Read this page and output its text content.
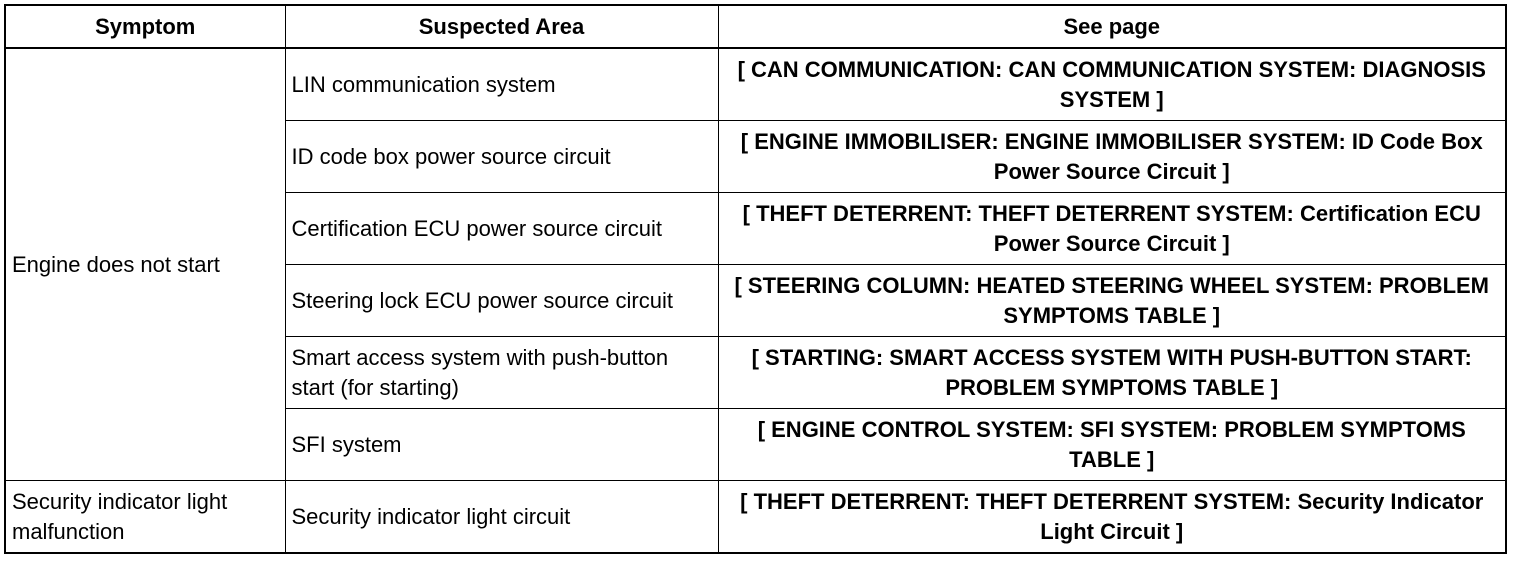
Symptom	Suspected Area	See page
Engine does not start	LIN communication system	[ CAN COMMUNICATION: CAN COMMUNICATION SYSTEM: DIAGNOSIS SYSTEM ]
	ID code box power source circuit	[ ENGINE IMMOBILISER: ENGINE IMMOBILISER SYSTEM: ID Code Box Power Source Circuit ]
	Certification ECU power source circuit	[ THEFT DETERRENT: THEFT DETERRENT SYSTEM: Certification ECU Power Source Circuit ]
	Steering lock ECU power source circuit	[ STEERING COLUMN: HEATED STEERING WHEEL SYSTEM: PROBLEM SYMPTOMS TABLE ]
	Smart access system with push-button start (for starting)	[ STARTING: SMART ACCESS SYSTEM WITH PUSH-BUTTON START: PROBLEM SYMPTOMS TABLE ]
	SFI system	[ ENGINE CONTROL SYSTEM: SFI SYSTEM: PROBLEM SYMPTOMS TABLE ]
Security indicator light malfunction	Security indicator light circuit	[ THEFT DETERRENT: THEFT DETERRENT SYSTEM: Security Indicator Light Circuit ]
